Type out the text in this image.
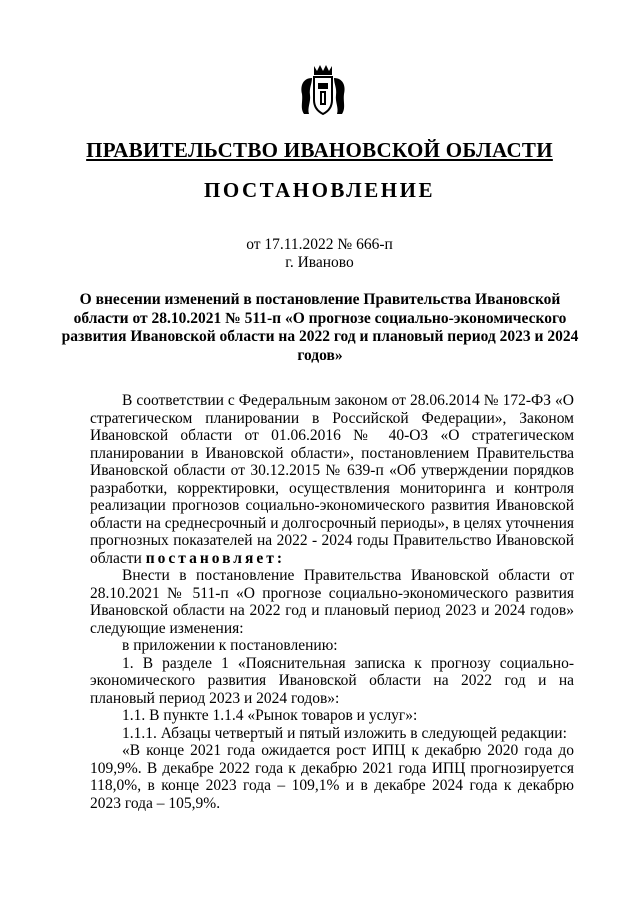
ПРАВИТЕЛЬСТВО ИВАНОВСКОЙ ОБЛАСТИ
ПОСТАНОВЛЕНИЕ
от 17.11.2022 № 666-п
г. Иваново
О внесении изменений в постановление Правительства Ивановской области от 28.10.2021 № 511-п «О прогнозе социально-экономического развития Ивановской области на 2022 год и плановый период 2023 и 2024 годов»

В соответствии с Федеральным законом от 28.06.2014 № 172-ФЗ «О стратегическом планировании в Российской Федерации», Законом Ивановской области от 01.06.2016 № 40-ОЗ «О стратегическом планировании в Ивановской области», постановлением Правительства Ивановской области от 30.12.2015 № 639-п «Об утверждении порядков разработки, корректировки, осуществления мониторинга и контроля реализации прогнозов социально-экономического развития Ивановской области на среднесрочный и долгосрочный периоды», в целях уточнения прогнозных показателей на 2022 - 2024 годы Правительство Ивановской области постановляет:

Внести в постановление Правительства Ивановской области от 28.10.2021 № 511-п «О прогнозе социально-экономического развития Ивановской области на 2022 год и плановый период 2023 и 2024 годов» следующие изменения:

в приложении к постановлению:

1. В разделе 1 «Пояснительная записка к прогнозу социально-экономического развития Ивановской области на 2022 год и на плановый период 2023 и 2024 годов»:

1.1. В пункте 1.1.4 «Рынок товаров и услуг»:

1.1.1. Абзацы четвертый и пятый изложить в следующей редакции:

«В конце 2021 года ожидается рост ИПЦ к декабрю 2020 года до 109,9%. В декабре 2022 года к декабрю 2021 года ИПЦ прогнозируется 118,0%, в конце 2023 года – 109,1% и в декабре 2024 года к декабрю 2023 года – 105,9%.
